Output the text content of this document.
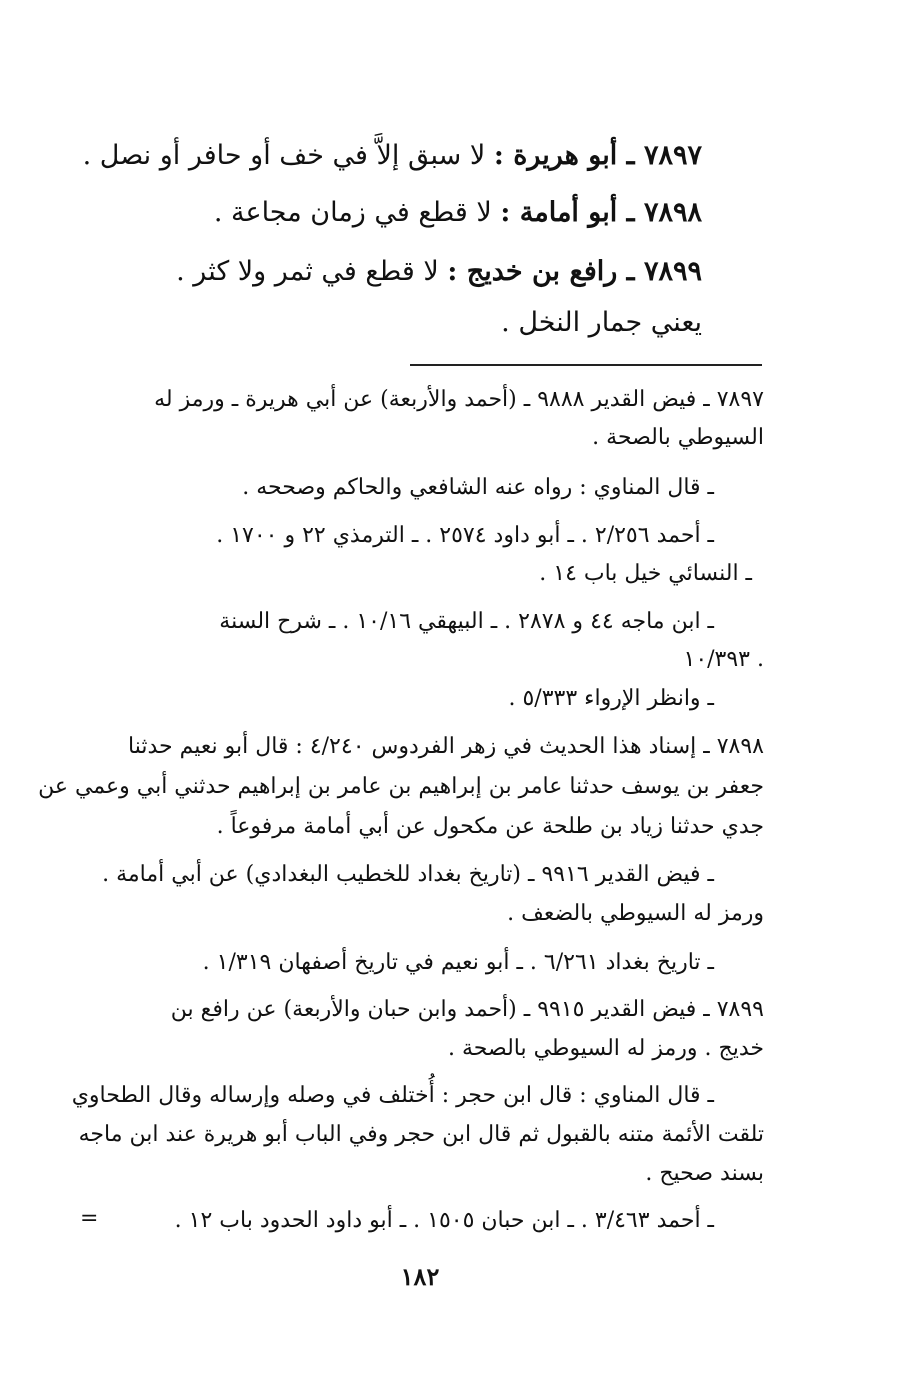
٧٨٩٧ ـ أبو هريرة : لا سبق إلاَّ في خف أو حافر أو نصل .
٧٨٩٨ ـ أبو أمامة : لا قطع في زمان مجاعة .
٧٨٩٩ ـ رافع بن خديج : لا قطع في ثمر ولا كثر .
يعني جمار النخل .
٧٨٩٧ ـ فيض القدير ٩٨٨٨ ـ (أحمد والأربعة) عن أبي هريرة ـ ورمز له
السيوطي بالصحة .
ـ قال المناوي : رواه عنه الشافعي والحاكم وصححه .
ـ أحمد ٢/٢٥٦ . ـ أبو داود ٢٥٧٤ . ـ الترمذي ٢٢ و ١٧٠٠ .
ـ النسائي خيل باب ١٤ .
ـ ابن ماجه ٤٤ و ٢٨٧٨ . ـ البيهقي ١٠/١٦ . ـ شرح السنة
١٠/٣٩٣ .
ـ وانظر الإرواء ٥/٣٣٣ .
٧٨٩٨ ـ إسناد هذا الحديث في زهر الفردوس ٤/٢٤٠ : قال أبو نعيم حدثنا
جعفر بن يوسف حدثنا عامر بن إبراهيم بن عامر بن إبراهيم حدثني أبي وعمي عن
جدي حدثنا زياد بن طلحة عن مكحول عن أبي أمامة مرفوعاً .
ـ فيض القدير ٩٩١٦ ـ (تاريخ بغداد للخطيب البغدادي) عن أبي أمامة .
ورمز له السيوطي بالضعف .
ـ تاريخ بغداد ٦/٢٦١ . ـ أبو نعيم في تاريخ أصفهان ١/٣١٩ .
٧٨٩٩ ـ فيض القدير ٩٩١٥ ـ (أحمد وابن حبان والأربعة) عن رافع بن
خديج . ورمز له السيوطي بالصحة .
ـ قال المناوي : قال ابن حجر : أُختلف في وصله وإرساله وقال الطحاوي
تلقت الأئمة متنه بالقبول ثم قال ابن حجر وفي الباب أبو هريرة عند ابن ماجه
بسند صحيح .
ـ أحمد ٣/٤٦٣ . ـ ابن حبان ١٥٠٥ . ـ أبو داود الحدود باب ١٢ .
=
١٨٢
